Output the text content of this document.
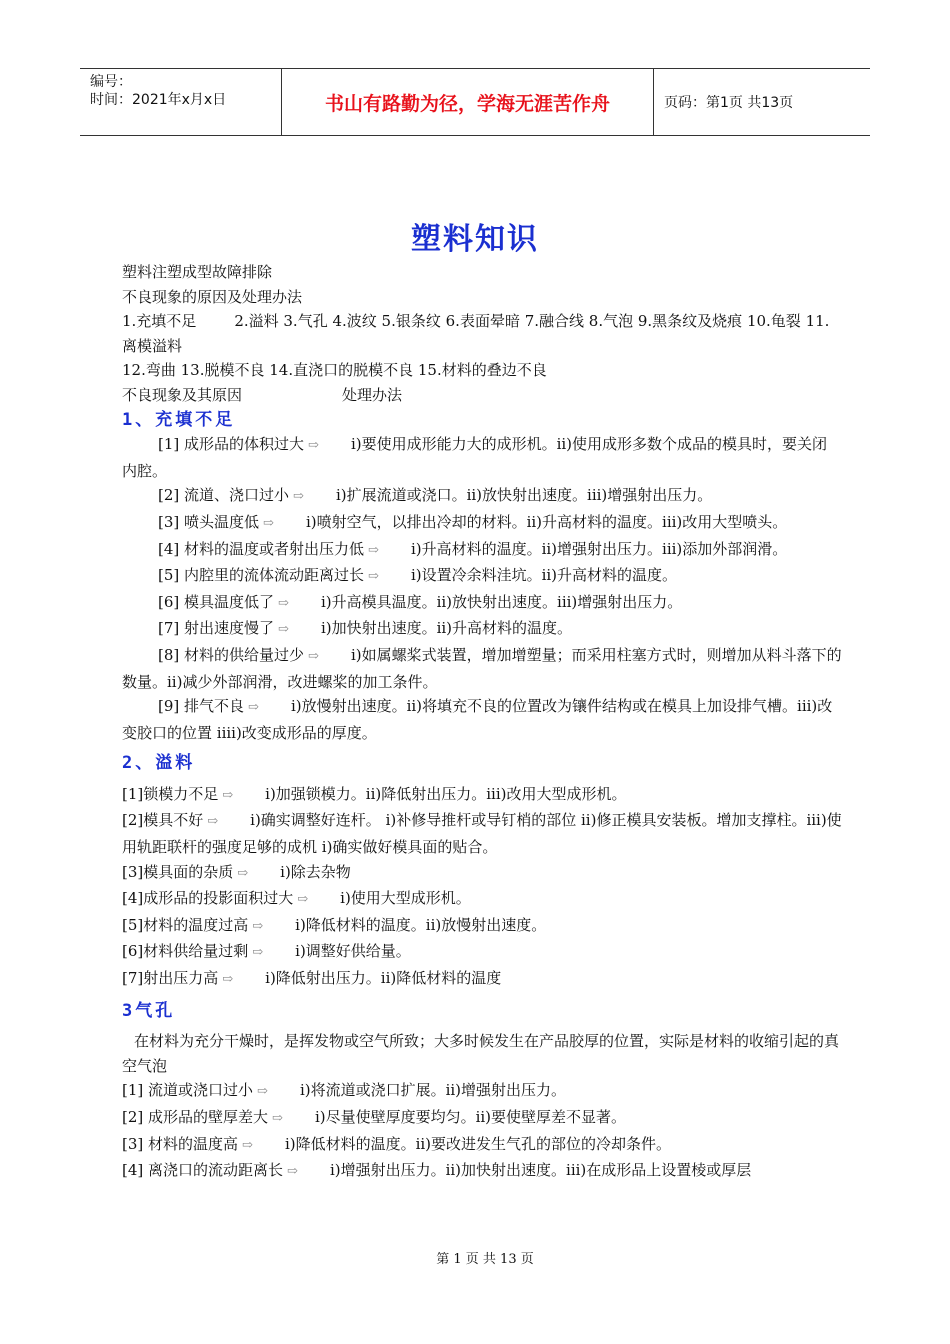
编号：
时间：2021年x月x日	书山有路勤为径，学海无涯苦作舟	页码：第1页 共13页
塑料知识

塑料注塑成型故障排除

不良现象的原因及处理办法

1.充填不足	2.溢料 3.气孔 4.波纹 5.银条纹 6.表面晕暗 7.融合线 8.气泡 9.黑条纹及烧痕 10.龟裂 11.离模溢料

12.弯曲 13.脱模不良 14.直浇口的脱模不良 15.材料的叠边不良

不良现象及其原因	处理办法

1、充填不足

[1] 成形品的体积过大 ⇨ i)要使用成形能力大的成形机。ii)使用成形多数个成品的模具时，要关闭内腔。

[2] 流道、浇口过小 ⇨ i)扩展流道或浇口。ii)放快射出速度。iii)增强射出压力。

[3] 喷头温度低 ⇨ i)喷射空气，以排出冷却的材料。ii)升高材料的温度。iii)改用大型喷头。

[4] 材料的温度或者射出压力低 ⇨ i)升高材料的温度。ii)增强射出压力。iii)添加外部润滑。

[5] 内腔里的流体流动距离过长 ⇨ i)设置冷余料洼坑。ii)升高材料的温度。

[6] 模具温度低了 ⇨ i)升高模具温度。ii)放快射出速度。iii)增强射出压力。

[7] 射出速度慢了 ⇨ i)加快射出速度。ii)升高材料的温度。

[8] 材料的供给量过少 ⇨ i)如属螺桨式装置，增加增塑量；而采用柱塞方式时，则增加从料斗落下的数量。ii)减少外部润滑，改进螺桨的加工条件。

[9] 排气不良 ⇨ i)放慢射出速度。ii)将填充不良的位置改为镶件结构或在模具上加设排气槽。iii)改变胶口的位置 iiii)改变成形品的厚度。

2、溢料

[1]锁模力不足 ⇨ i)加强锁模力。ii)降低射出压力。iii)改用大型成形机。

[2]模具不好 ⇨ i)确实调整好连杆。 i)补修导推杆或导钉梢的部位 ii)修正模具安装板。增加支撑柱。iii)使用轨距联杆的强度足够的成机 i)确实做好模具面的贴合。

[3]模具面的杂质 ⇨ i)除去杂物

[4]成形品的投影面积过大 ⇨ i)使用大型成形机。

[5]材料的温度过高 ⇨ i)降低材料的温度。ii)放慢射出速度。

[6]材料供给量过剩 ⇨ i)调整好供给量。

[7]射出压力高 ⇨ i)降低射出压力。ii)降低材料的温度

3气孔

在材料为充分干燥时，是挥发物或空气所致；大多时候发生在产品胶厚的位置，实际是材料的收缩引起的真空气泡

[1] 流道或浇口过小 ⇨ i)将流道或浇口扩展。ii)增强射出压力。

[2] 成形品的壁厚差大 ⇨ i)尽量使壁厚度要均匀。ii)要使壁厚差不显著。

[3] 材料的温度高 ⇨ i)降低材料的温度。ii)要改进发生气孔的部位的冷却条件。

[4] 离浇口的流动距离长 ⇨ i)增强射出压力。ii)加快射出速度。iii)在成形品上设置棱或厚层

第 1 页 共 13 页
